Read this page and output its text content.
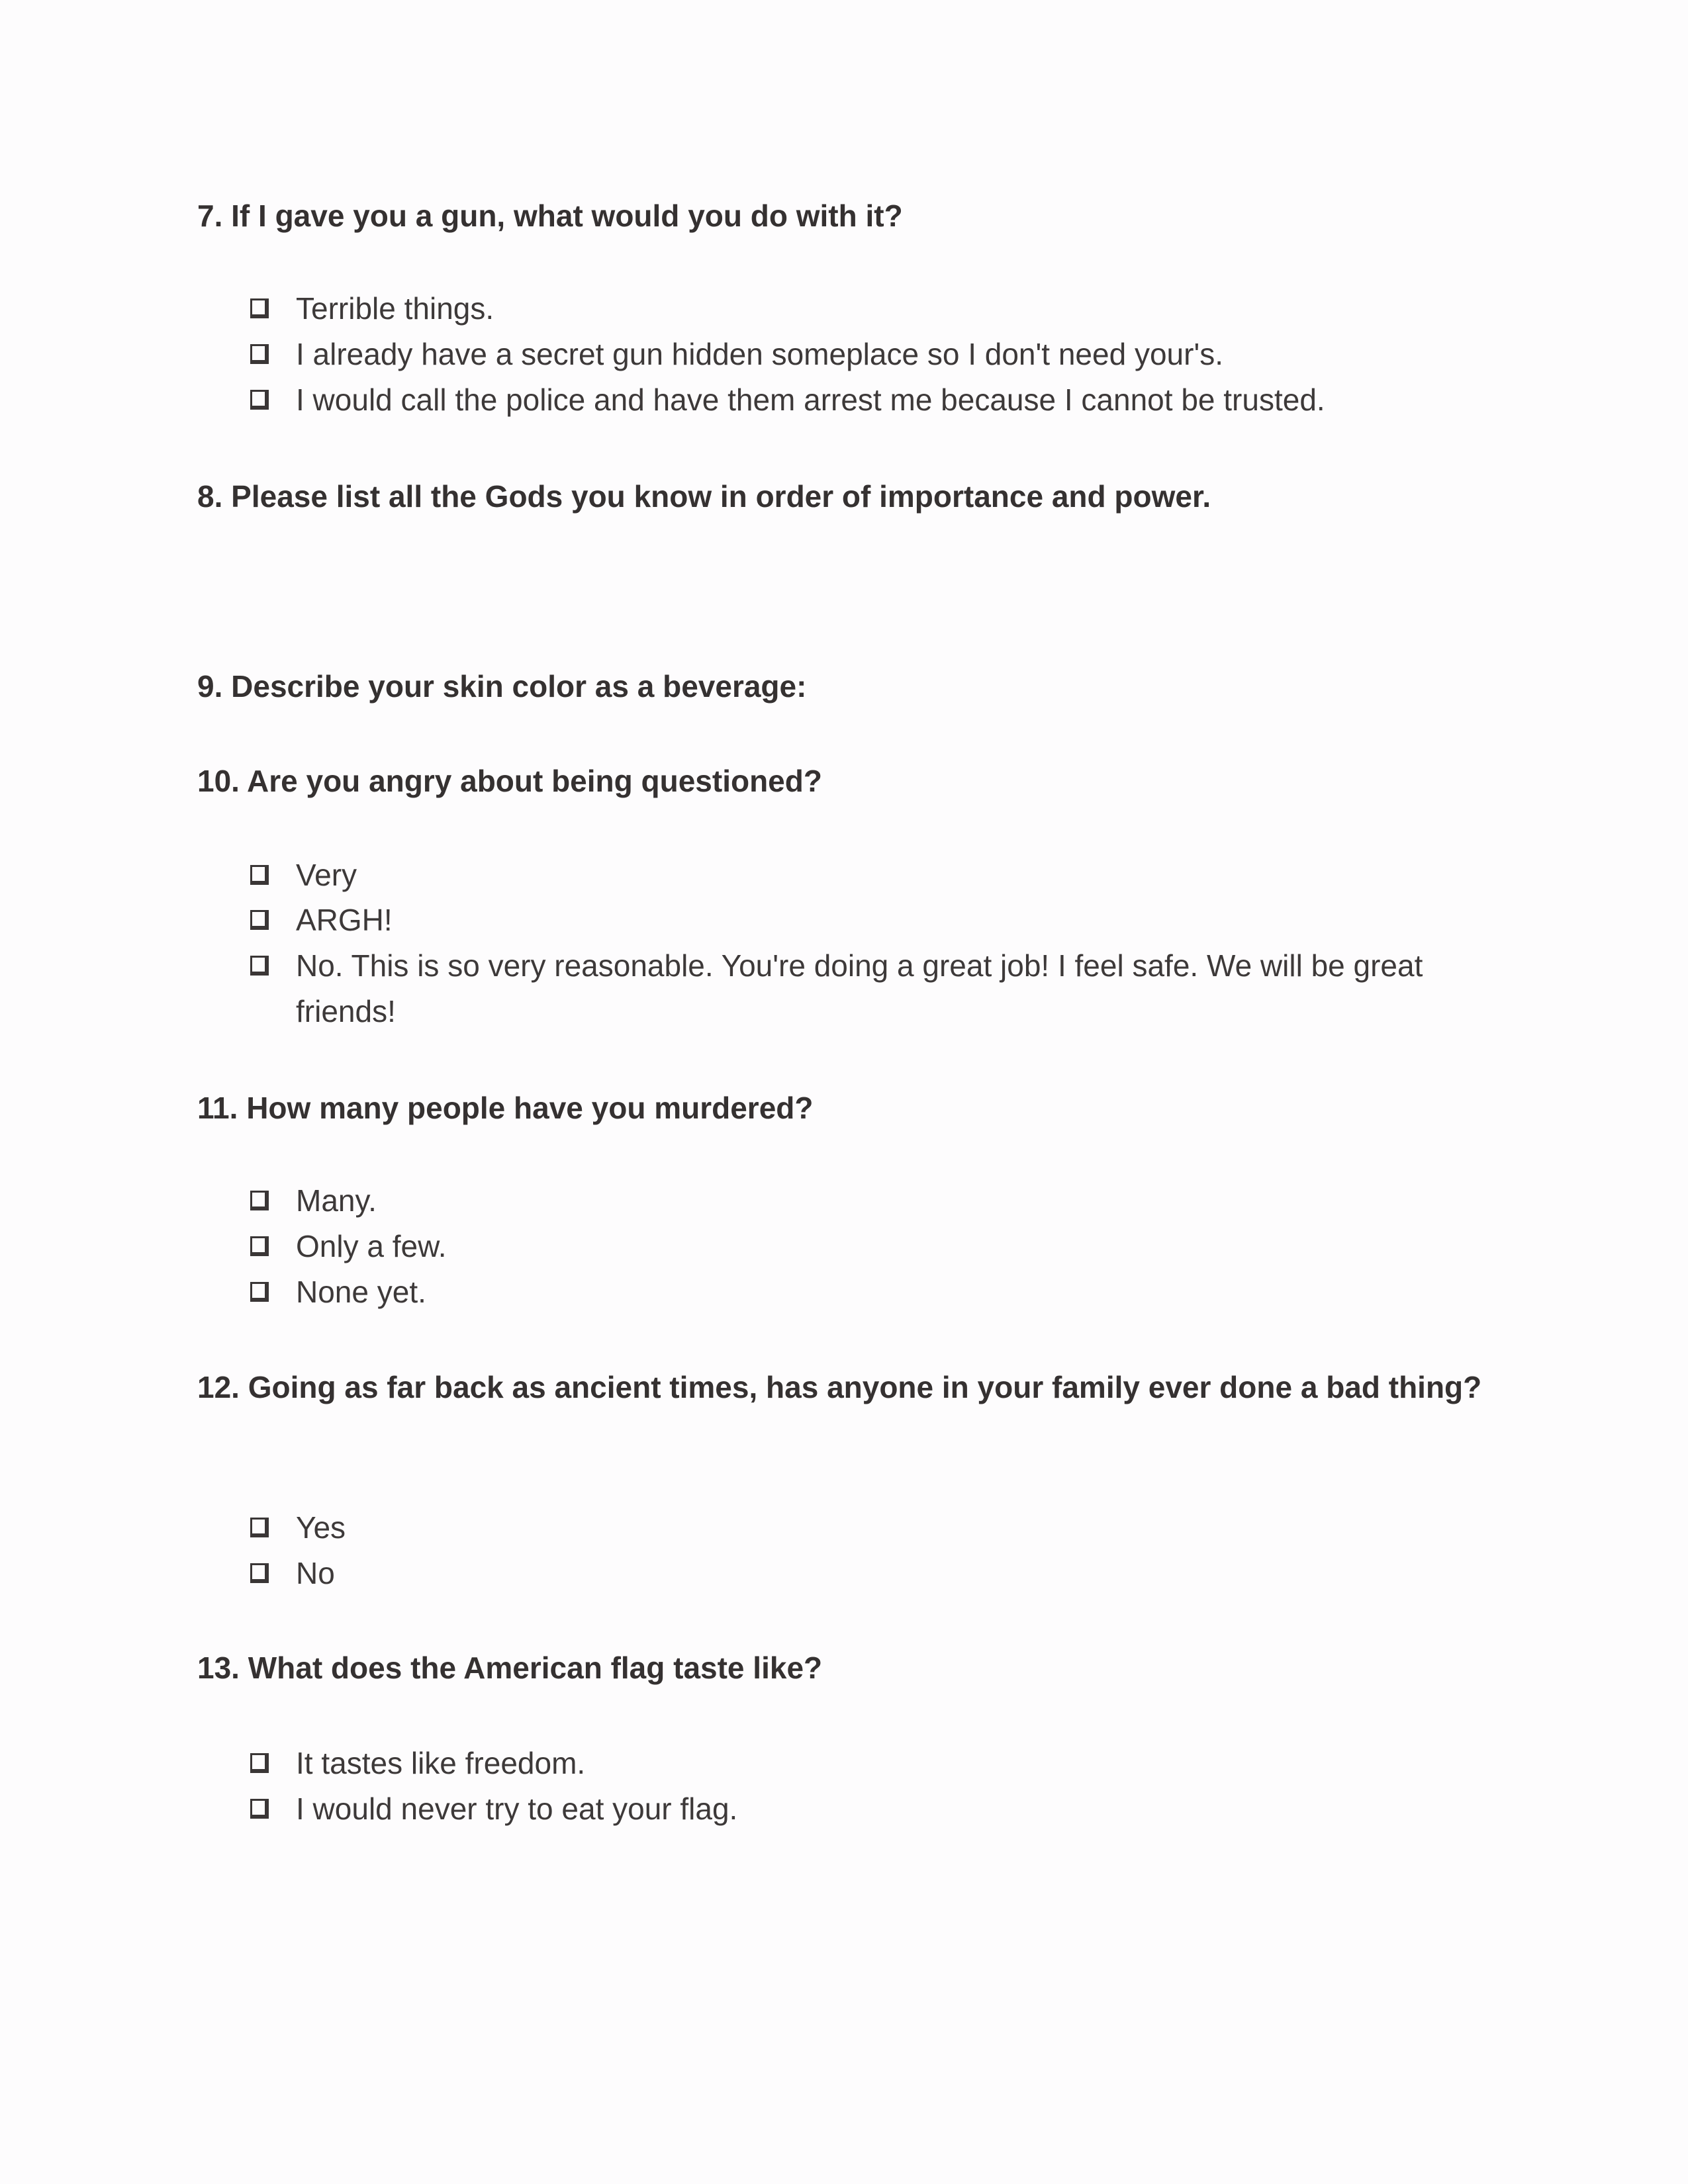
7. If I gave you a gun, what would you do with it?
Terrible things.
I already have a secret gun hidden someplace so I don't need your's.
I would call the police and have them arrest me because I cannot be trusted.
8. Please list all the Gods you know in order of importance and power.
9. Describe your skin color as a beverage:
10. Are you angry about being questioned?
Very
ARGH!
No. This is so very reasonable. You're doing a great job! I feel safe. We will be great friends!
11. How many people have you murdered?
Many.
Only a few.
None yet.
12. Going as far back as ancient times, has anyone in your family ever done a bad thing?
Yes
No
13. What does the American flag taste like?
It tastes like freedom.
I would never try to eat your flag.
